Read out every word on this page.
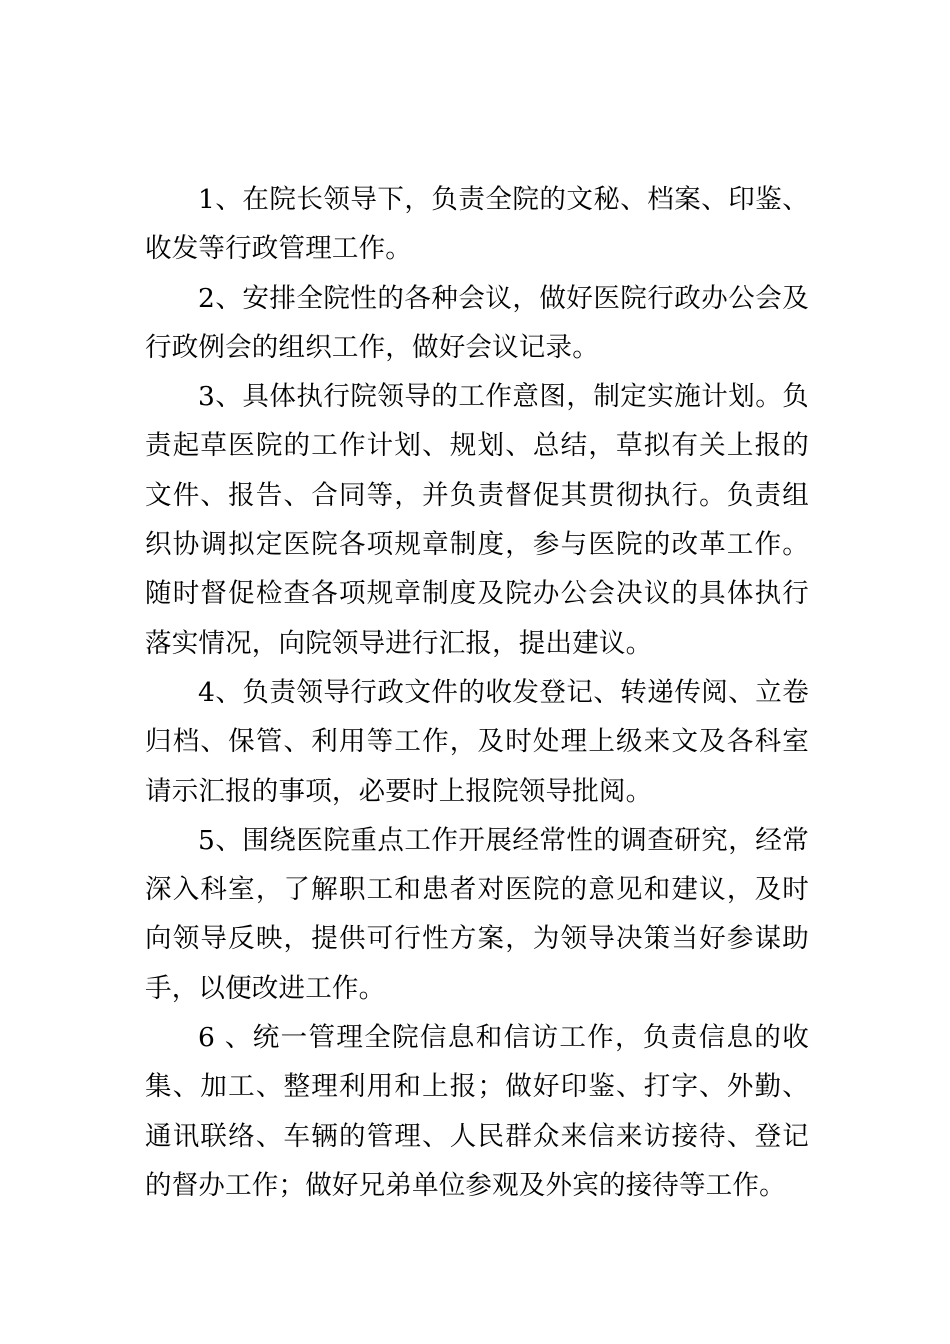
1、在院长领导下，负责全院的文秘、档案、印鉴、收发等行政管理工作。

2、安排全院性的各种会议，做好医院行政办公会及行政例会的组织工作，做好会议记录。

3、具体执行院领导的工作意图，制定实施计划。负责起草医院的工作计划、规划、总结，草拟有关上报的文件、报告、合同等，并负责督促其贯彻执行。负责组织协调拟定医院各项规章制度，参与医院的改革工作。随时督促检查各项规章制度及院办公会决议的具体执行落实情况，向院领导进行汇报，提出建议。

4、负责领导行政文件的收发登记、转递传阅、立卷归档、保管、利用等工作，及时处理上级来文及各科室请示汇报的事项，必要时上报院领导批阅。

5、围绕医院重点工作开展经常性的调查研究，经常深入科室，了解职工和患者对医院的意见和建议，及时向领导反映，提供可行性方案，为领导决策当好参谋助手，以便改进工作。

6 、统一管理全院信息和信访工作，负责信息的收集、加工、整理利用和上报；做好印鉴、打字、外勤、通讯联络、车辆的管理、人民群众来信来访接待、登记的督办工作；做好兄弟单位参观及外宾的接待等工作。
